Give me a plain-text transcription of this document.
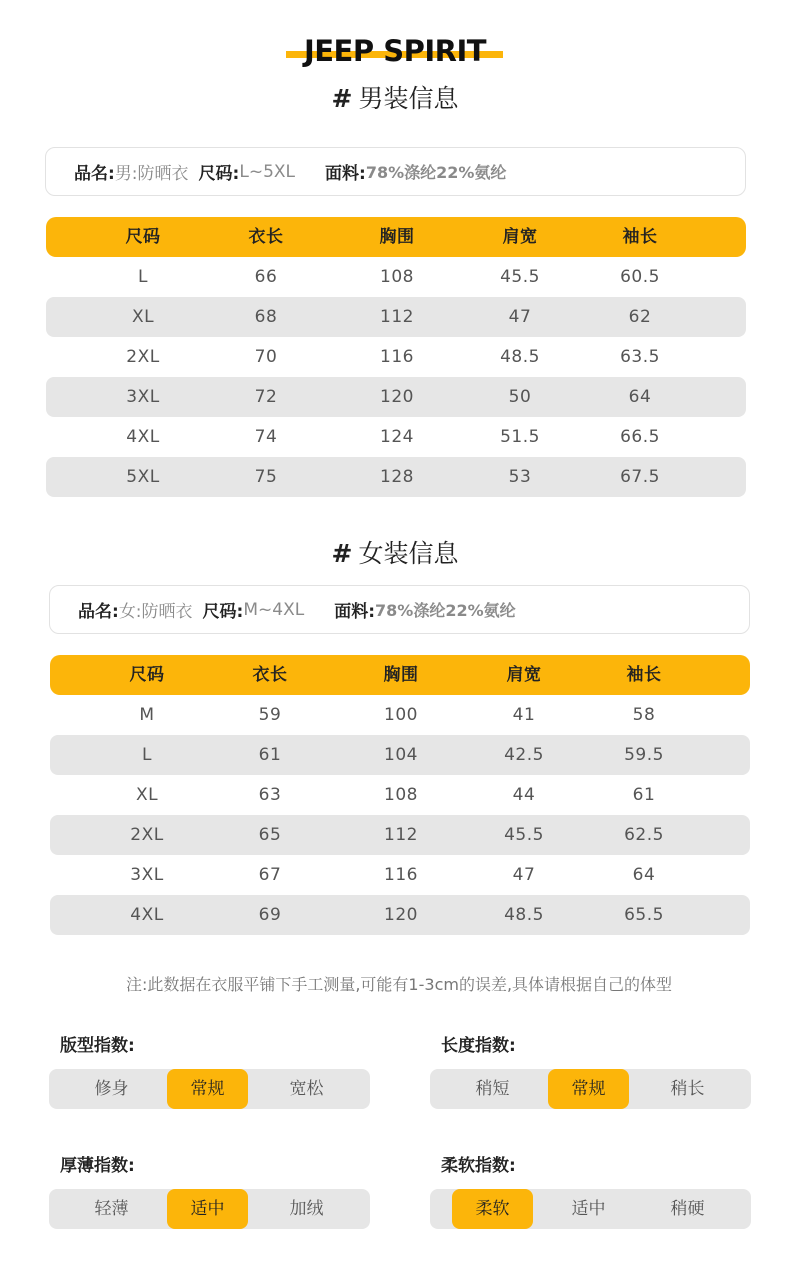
JEEP SPIRIT
# 男装信息
品名: 男:防晒衣 尺码: L~5XL 面料: 78%涤纶22%氨纶
尺码	衣长	胸围	肩宽	袖长
L	66	108	45.5	60.5
XL	68	112	47	62
2XL	70	116	48.5	63.5
3XL	72	120	50	64
4XL	74	124	51.5	66.5
5XL	75	128	53	67.5
# 女装信息
品名: 女:防晒衣 尺码: M~4XL 面料: 78%涤纶22%氨纶
尺码	衣长	胸围	肩宽	袖长
M	59	100	41	58
L	61	104	42.5	59.5
XL	63	108	44	61
2XL	65	112	45.5	62.5
3XL	67	116	47	64
4XL	69	120	48.5	65.5
注:此数据在衣服平铺下手工测量,可能有1-3cm的误差,具体请根据自己的体型
版型指数:
修身	常规	宽松
长度指数:
稍短	常规	稍长
厚薄指数:
轻薄	适中	加绒
柔软指数:
柔软	适中	稍硬
